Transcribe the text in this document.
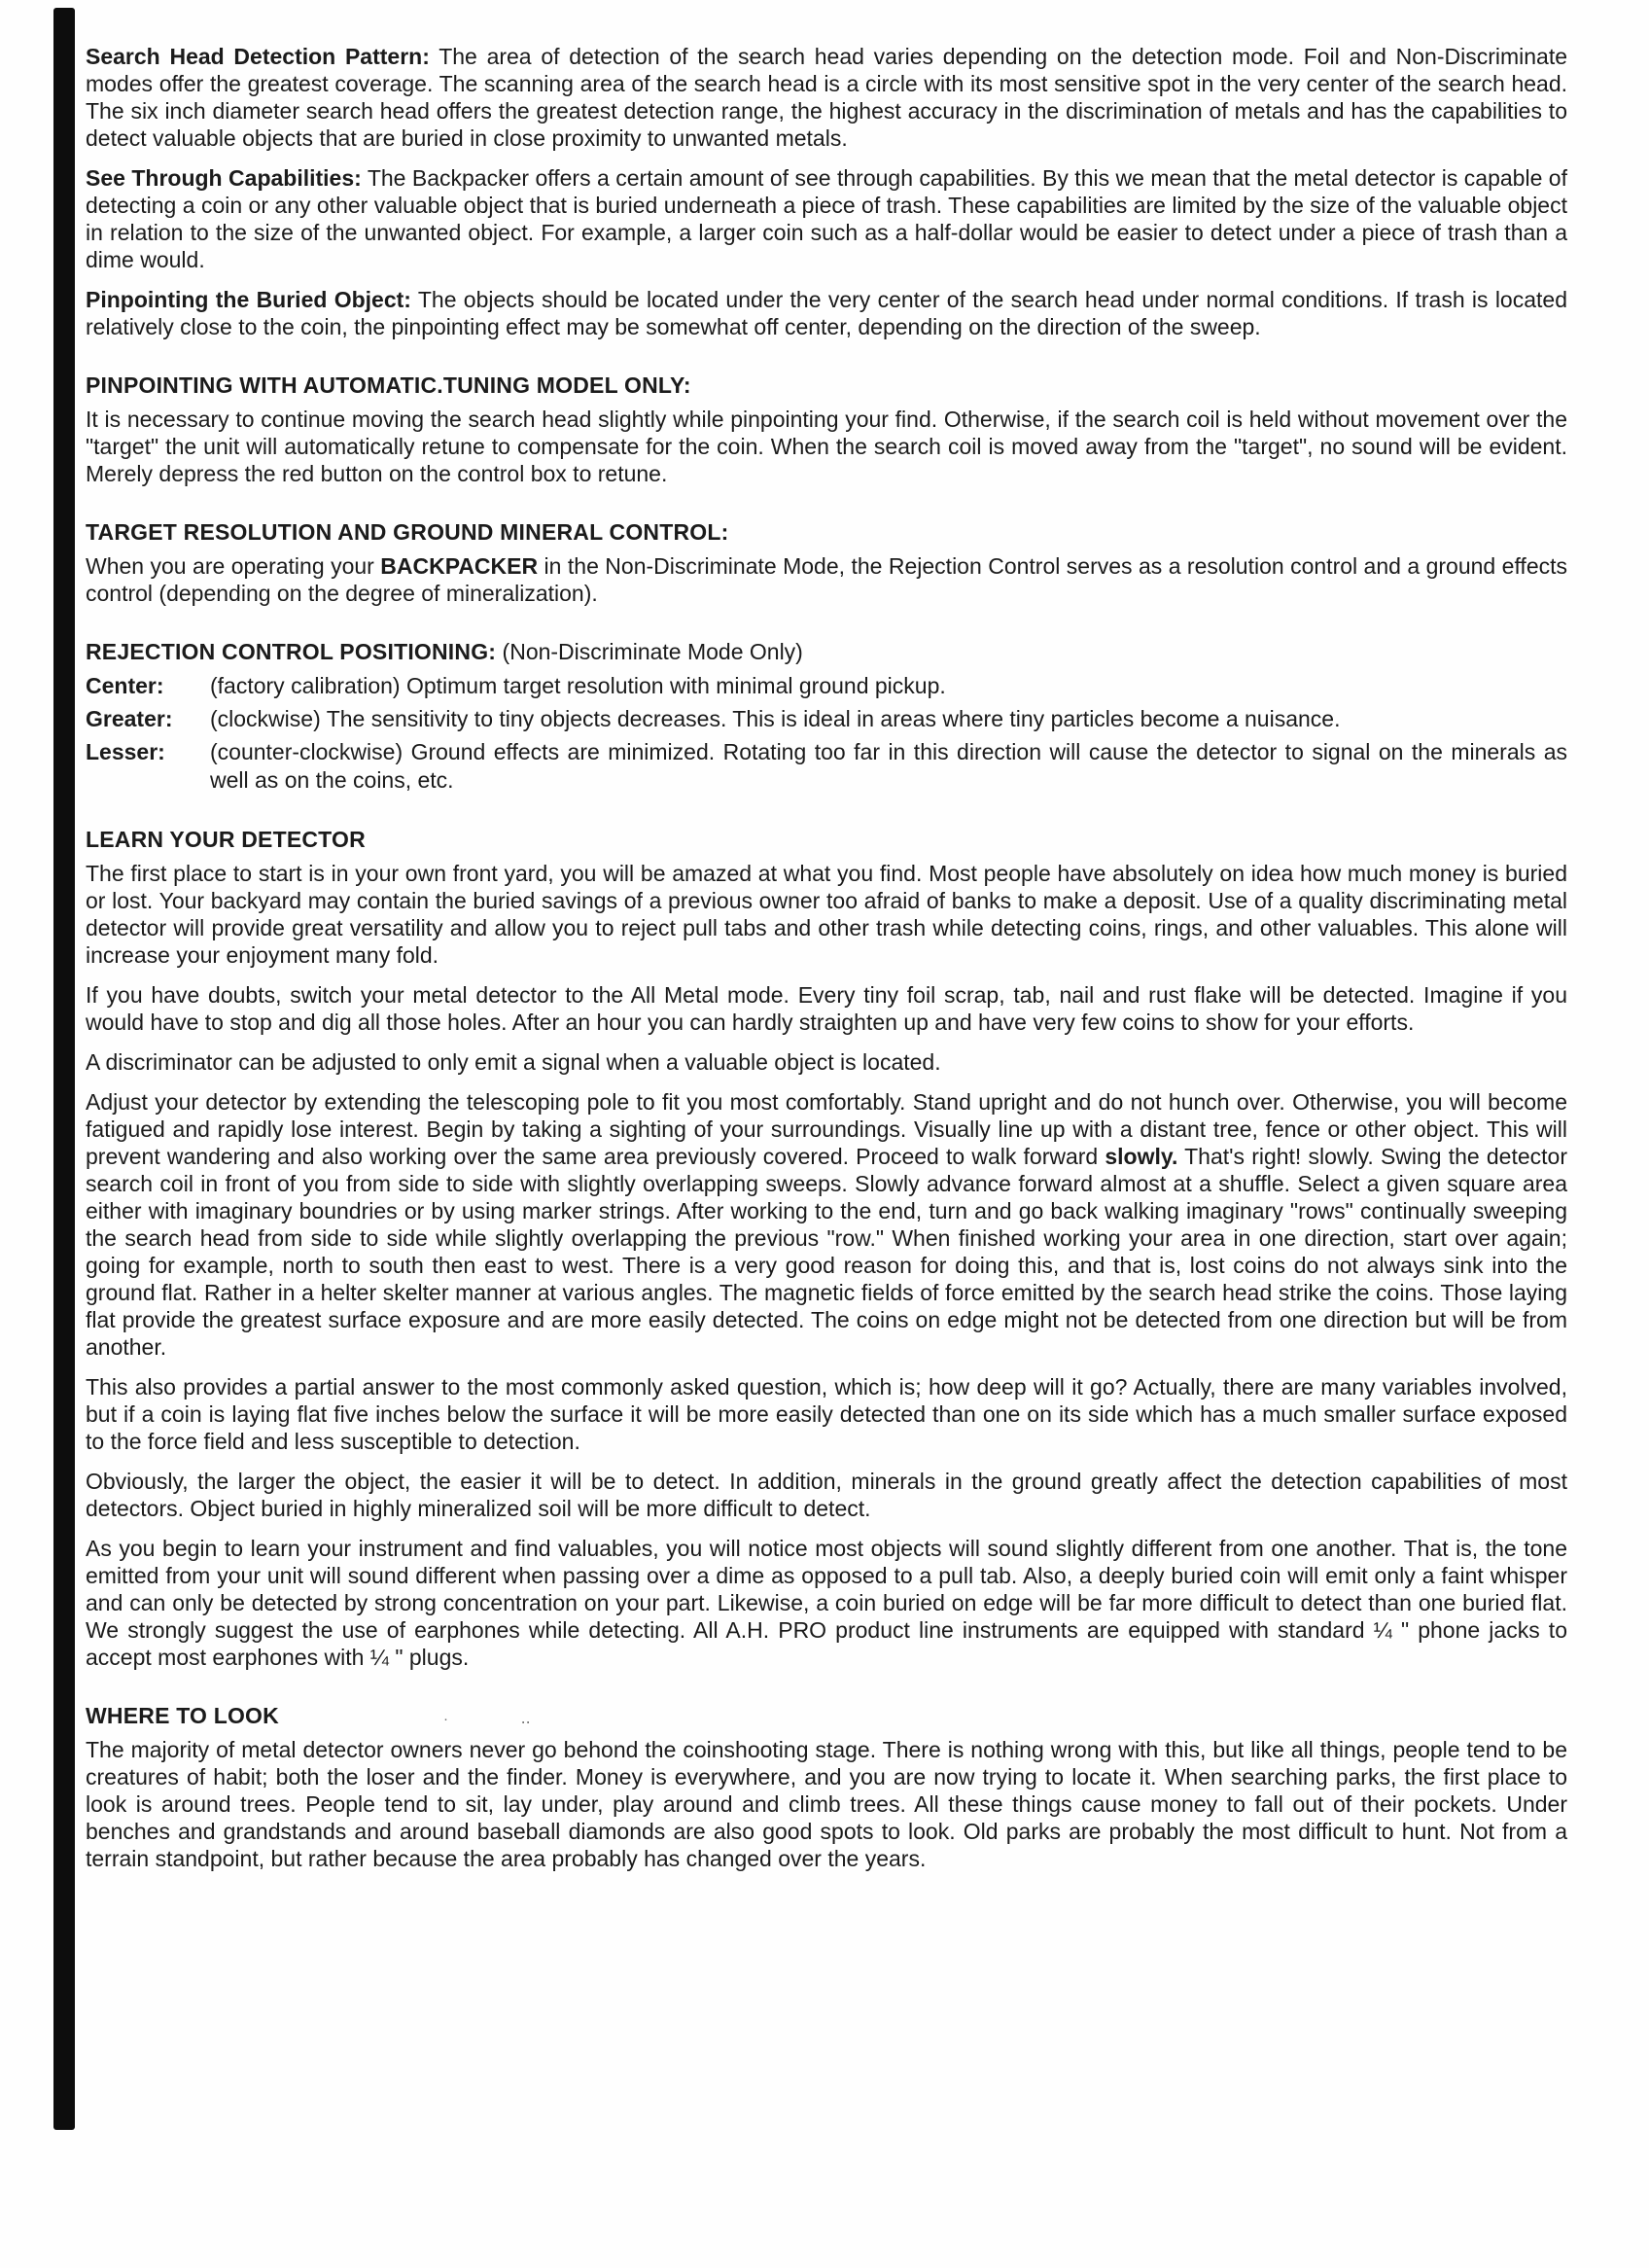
Search Head Detection Pattern: The area of detection of the search head varies depending on the detection mode. Foil and Non-Discriminate modes offer the greatest coverage. The scanning area of the search head is a circle with its most sensitive spot in the very center of the search head. The six inch diameter search head offers the greatest detection range, the highest accuracy in the discrimination of metals and has the capabilities to detect valuable objects that are buried in close proximity to unwanted metals.

See Through Capabilities: The Backpacker offers a certain amount of see through capabilities. By this we mean that the metal detector is capable of detecting a coin or any other valuable object that is buried underneath a piece of trash. These capabilities are limited by the size of the valuable object in relation to the size of the unwanted object. For example, a larger coin such as a half-dollar would be easier to detect under a piece of trash than a dime would.

Pinpointing the Buried Object: The objects should be located under the very center of the search head under normal conditions. If trash is located relatively close to the coin, the pinpointing effect may be somewhat off center, depending on the direction of the sweep.

PINPOINTING WITH AUTOMATIC.TUNING MODEL ONLY:

It is necessary to continue moving the search head slightly while pinpointing your find. Otherwise, if the search coil is held without movement over the "target" the unit will automatically retune to compensate for the coin. When the search coil is moved away from the "target", no sound will be evident. Merely depress the red button on the control box to retune.

TARGET RESOLUTION AND GROUND MINERAL CONTROL:

When you are operating your BACKPACKER in the Non-Discriminate Mode, the Rejection Control serves as a resolution control and a ground effects control (depending on the degree of mineralization).

REJECTION CONTROL POSITIONING: (Non-Discriminate Mode Only)
Center:	(factory calibration) Optimum target resolution with minimal ground pickup.
Greater:	(clockwise) The sensitivity to tiny objects decreases. This is ideal in areas where tiny particles become a nuisance.
Lesser:	(counter-clockwise) Ground effects are minimized. Rotating too far in this direction will cause the detector to signal on the minerals as well as on the coins, etc.
LEARN YOUR DETECTOR

The first place to start is in your own front yard, you will be amazed at what you find. Most people have absolutely on idea how much money is buried or lost. Your backyard may contain the buried savings of a previous owner too afraid of banks to make a deposit. Use of a quality discriminating metal detector will provide great versatility and allow you to reject pull tabs and other trash while detecting coins, rings, and other valuables. This alone will increase your enjoyment many fold.

If you have doubts, switch your metal detector to the All Metal mode. Every tiny foil scrap, tab, nail and rust flake will be detected. Imagine if you would have to stop and dig all those holes. After an hour you can hardly straighten up and have very few coins to show for your efforts.

A discriminator can be adjusted to only emit a signal when a valuable object is located.

Adjust your detector by extending the telescoping pole to fit you most comfortably. Stand upright and do not hunch over. Otherwise, you will become fatigued and rapidly lose interest. Begin by taking a sighting of your surroundings. Visually line up with a distant tree, fence or other object. This will prevent wandering and also working over the same area previously covered. Proceed to walk forward slowly. That's right! slowly. Swing the detector search coil in front of you from side to side with slightly overlapping sweeps. Slowly advance forward almost at a shuffle. Select a given square area either with imaginary boundries or by using marker strings. After working to the end, turn and go back walking imaginary "rows" continually sweeping the search head from side to side while slightly overlapping the previous "row." When finished working your area in one direction, start over again; going for example, north to south then east to west. There is a very good reason for doing this, and that is, lost coins do not always sink into the ground flat. Rather in a helter skelter manner at various angles. The magnetic fields of force emitted by the search head strike the coins. Those laying flat provide the greatest surface exposure and are more easily detected. The coins on edge might not be detected from one direction but will be from another.

This also provides a partial answer to the most commonly asked question, which is; how deep will it go? Actually, there are many variables involved, but if a coin is laying flat five inches below the surface it will be more easily detected than one on its side which has a much smaller surface exposed to the force field and less susceptible to detection.

Obviously, the larger the object, the easier it will be to detect. In addition, minerals in the ground greatly affect the detection capabilities of most detectors. Object buried in highly mineralized soil will be more difficult to detect.

As you begin to learn your instrument and find valuables, you will notice most objects will sound slightly different from one another. That is, the tone emitted from your unit will sound different when passing over a dime as opposed to a pull tab. Also, a deeply buried coin will emit only a faint whisper and can only be detected by strong concentration on your part. Likewise, a coin buried on edge will be far more difficult to detect than one buried flat. We strongly suggest the use of earphones while detecting. All A.H. PRO product line instruments are equipped with standard ¼ " phone jacks to accept most earphones with ¼ " plugs.

WHERE TO LOOK	·          ‥

The majority of metal detector owners never go behond the coinshooting stage. There is nothing wrong with this, but like all things, people tend to be creatures of habit; both the loser and the finder. Money is everywhere, and you are now trying to locate it. When searching parks, the first place to look is around trees. People tend to sit, lay under, play around and climb trees. All these things cause money to fall out of their pockets. Under benches and grandstands and around baseball diamonds are also good spots to look. Old parks are probably the most difficult to hunt. Not from a terrain standpoint, but rather because the area probably has changed over the years.
